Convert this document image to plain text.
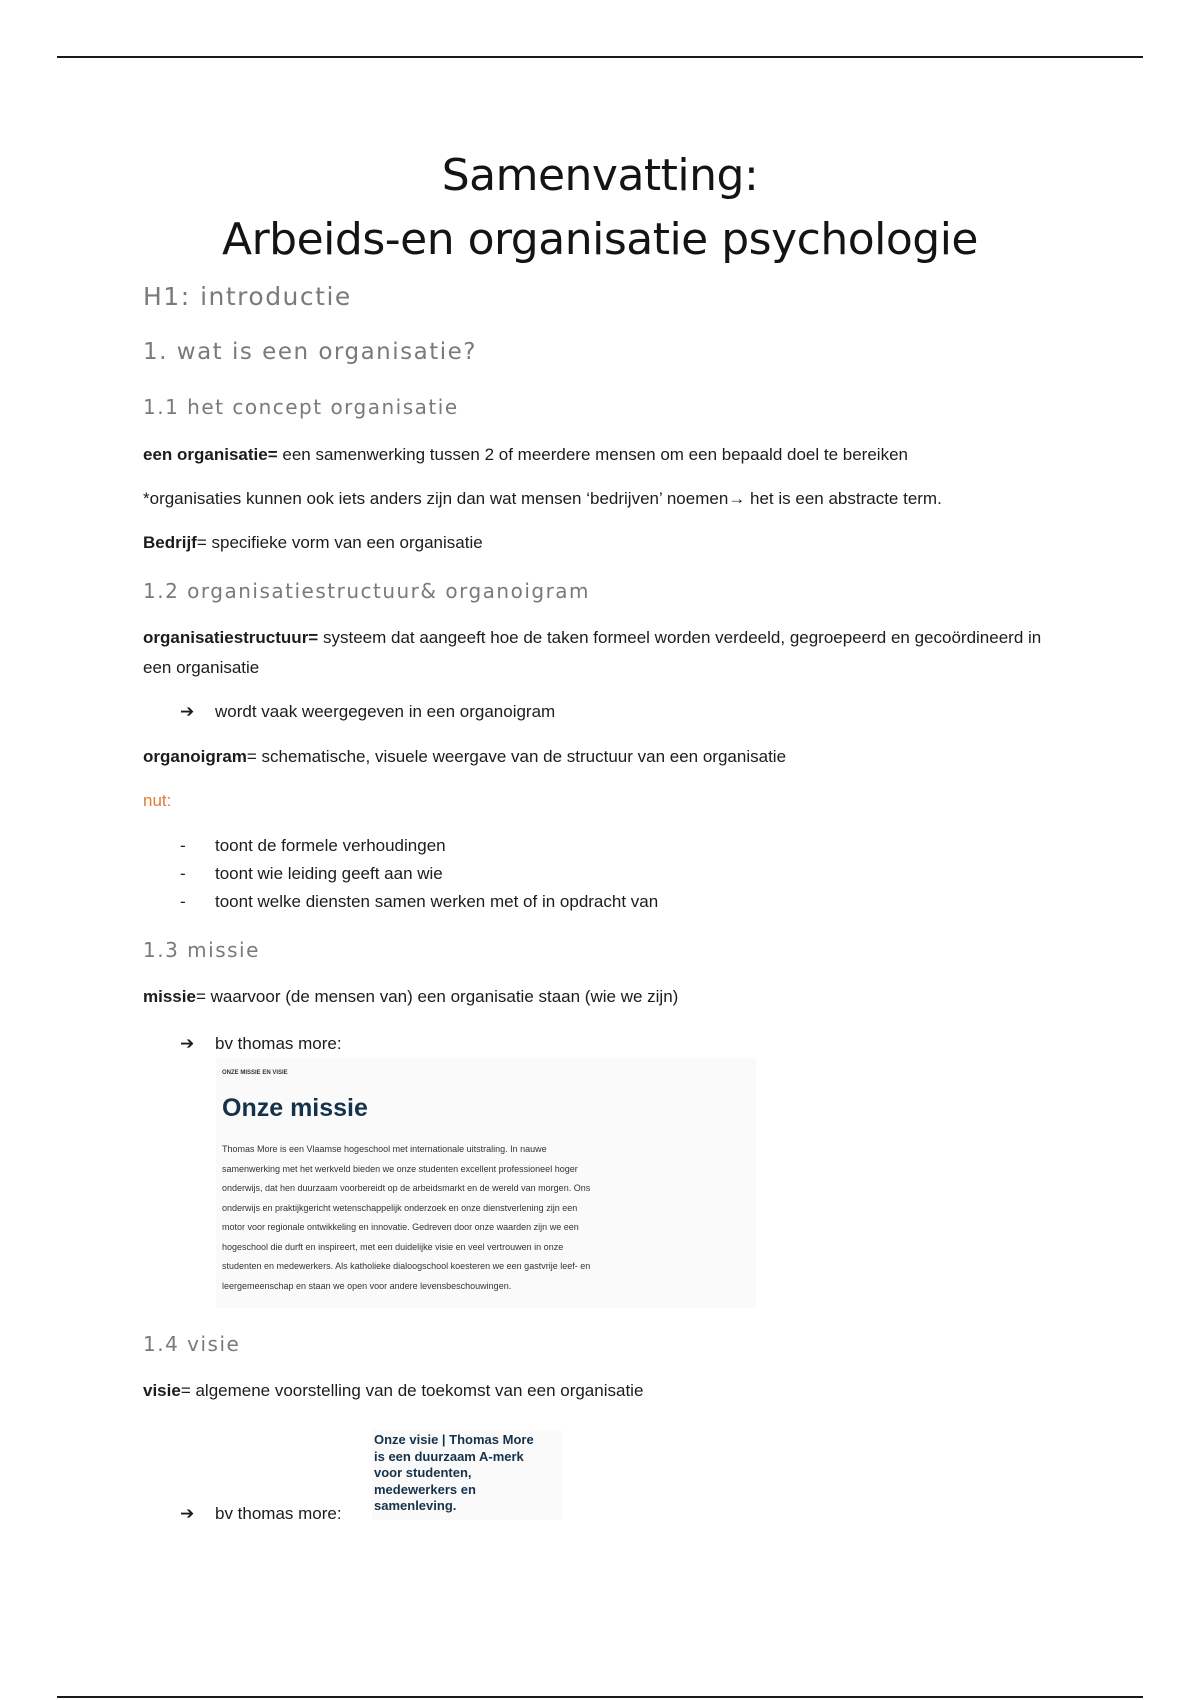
Samenvatting:
Arbeids-en organisatie psychologie
H1: introductie
1. wat is een organisatie?
1.1 het concept organisatie
een organisatie= een samenwerking tussen 2 of meerdere mensen om een bepaald doel te bereiken
*organisaties kunnen ook iets anders zijn dan wat mensen ‘bedrijven’ noemen→ het is een abstracte term.
Bedrijf= specifieke vorm van een organisatie
1.2 organisatiestructuur& organoigram
organisatiestructuur= systeem dat aangeeft hoe de taken formeel worden verdeeld, gegroepeerd en gecoördineerd in een organisatie
➔ wordt vaak weergegeven in een organoigram
organoigram= schematische, visuele weergave van de structuur van een organisatie
nut:
- toont de formele verhoudingen
- toont wie leiding geeft aan wie
- toont welke diensten samen werken met of in opdracht van
1.3 missie
missie= waarvoor (de mensen van) een organisatie staan (wie we zijn)
➔ bv thomas more:
ONZE MISSIE EN VISIE
Onze missie
Thomas More is een Vlaamse hogeschool met internationale uitstraling. In nauwe
samenwerking met het werkveld bieden we onze studenten excellent professioneel hoger
onderwijs, dat hen duurzaam voorbereidt op de arbeidsmarkt en de wereld van morgen. Ons
onderwijs en praktijkgericht wetenschappelijk onderzoek en onze dienstverlening zijn een
motor voor regionale ontwikkeling en innovatie. Gedreven door onze waarden zijn we een
hogeschool die durft en inspireert, met een duidelijke visie en veel vertrouwen in onze
studenten en medewerkers. Als katholieke dialoogschool koesteren we een gastvrije leef- en
leergemeenschap en staan we open voor andere levensbeschouwingen.
1.4 visie
visie= algemene voorstelling van de toekomst van een organisatie
Onze visie | Thomas More
is een duurzaam A-merk
voor studenten,
medewerkers en
samenleving.
➔ bv thomas more:
